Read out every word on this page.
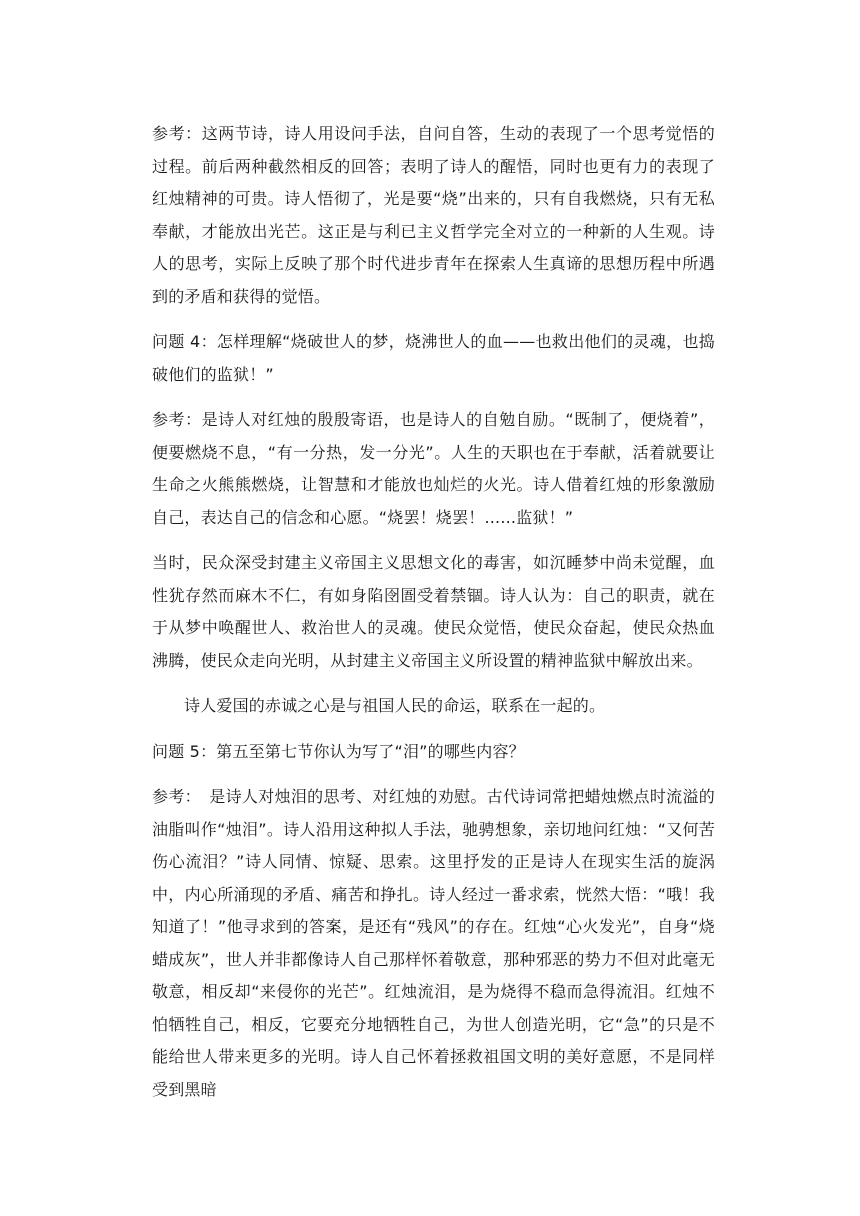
参考：这两节诗，诗人用设问手法，自问自答，生动的表现了一个思考觉悟的过程。前后两种截然相反的回答；表明了诗人的醒悟，同时也更有力的表现了红烛精神的可贵。诗人悟彻了，光是要“烧”出来的，只有自我燃烧，只有无私奉献，才能放出光芒。这正是与利已主义哲学完全对立的一种新的人生观。诗人的思考，实际上反映了那个时代进步青年在探索人生真谛的思想历程中所遇到的矛盾和获得的觉悟。

问题 4：怎样理解“烧破世人的梦，烧沸世人的血——也救出他们的灵魂，也捣破他们的监狱！”

参考：是诗人对红烛的殷殷寄语，也是诗人的自勉自励。“既制了，便烧着”，便要燃烧不息，“有一分热，发一分光”。人生的天职也在于奉献，活着就要让生命之火熊熊燃烧，让智慧和才能放也灿烂的火光。诗人借着红烛的形象激励自己，表达自己的信念和心愿。“烧罢！烧罢！......监狱！”

当时，民众深受封建主义帝国主义思想文化的毒害，如沉睡梦中尚未觉醒，血性犹存然而麻木不仁，有如身陷囹圄受着禁锢。诗人认为：自己的职责，就在于从梦中唤醒世人、救治世人的灵魂。使民众觉悟，使民众奋起，使民众热血沸腾，使民众走向光明，从封建主义帝国主义所设置的精神监狱中解放出来。

诗人爱国的赤诚之心是与祖国人民的命运，联系在一起的。

问题 5：第五至第七节你认为写了“泪”的哪些内容？

参考：　是诗人对烛泪的思考、对红烛的劝慰。古代诗词常把蜡烛燃点时流溢的油脂叫作“烛泪”。诗人沿用这种拟人手法，驰骋想象，亲切地问红烛：“又何苦伤心流泪？”诗人同情、惊疑、思索。这里抒发的正是诗人在现实生活的旋涡中，内心所涌现的矛盾、痛苦和挣扎。诗人经过一番求索，恍然大悟：“哦！我知道了！”他寻求到的答案，是还有“残风”的存在。红烛“心火发光”，自身“烧蜡成灰”，世人并非都像诗人自己那样怀着敬意，那种邪恶的势力不但对此毫无敬意，相反却“来侵你的光芒”。红烛流泪，是为烧得不稳而急得流泪。红烛不怕牺牲自己，相反，它要充分地牺牲自己，为世人创造光明，它“急”的只是不能给世人带来更多的光明。诗人自己怀着拯救祖国文明的美好意愿，不是同样受到黑暗
